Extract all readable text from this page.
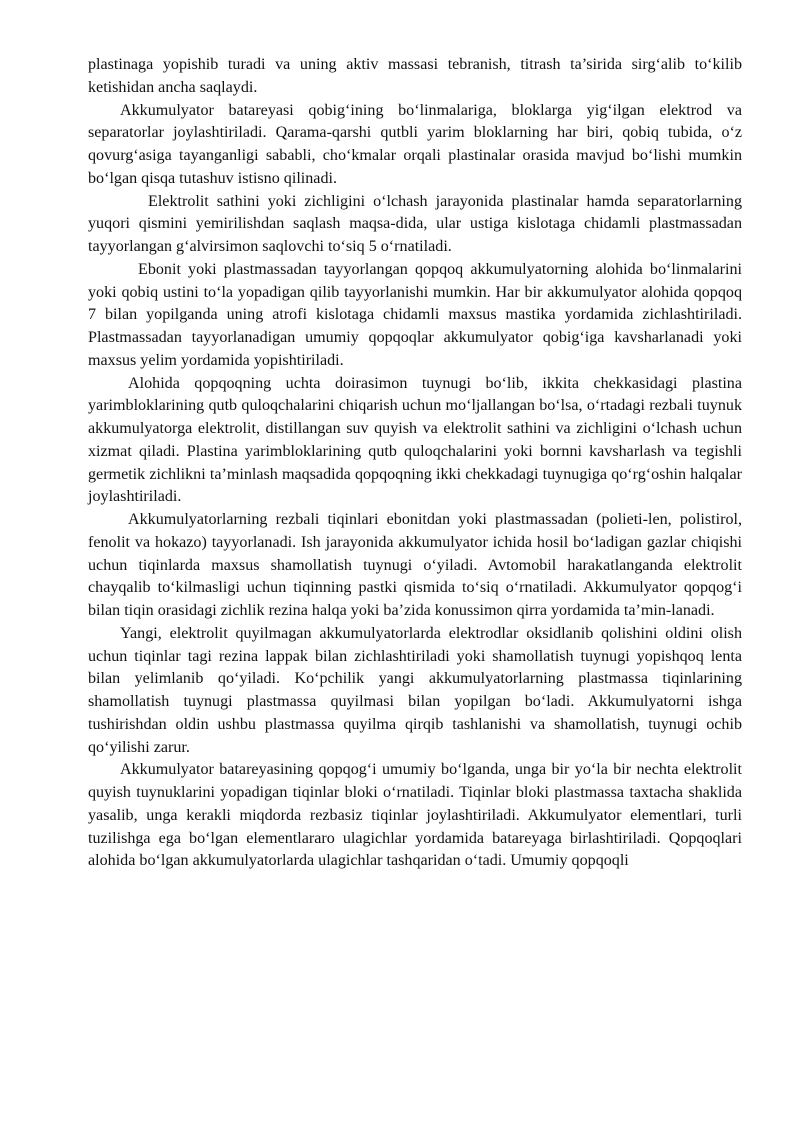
plastinaga yopishib turadi va uning aktiv massasi tebranish, titrash ta’sirida sirg‘alib to‘kilib ketishidan ancha saqlaydi.

Akkumulyator batareyasi qobig‘ining bo‘linmalariga, bloklarga yig‘ilgan elektrod va separatorlar joylashtiriladi. Qarama-qarshi qutbli yarim bloklarning har biri, qobiq tubida, o‘z qovurg‘asiga tayanganligi sababli, cho‘kmalar orqali plastinalar orasida mavjud bo‘lishi mumkin bo‘lgan qisqa tutashuv istisno qilinadi.

Elektrolit sathini yoki zichligini o‘lchash jarayonida plastinalar hamda separatorlarning yuqori qismini yemirilishdan saqlash maqsa-dida, ular ustiga kislotaga chidamli plastmassadan tayyorlangan g‘alvirsimon saqlovchi to‘siq 5 o‘rnatiladi.

Ebonit yoki plastmassadan tayyorlangan qopqoq akkumulyatorning alohida bo‘linmalarini yoki qobiq ustini to‘la yopadigan qilib tayyorlanishi mumkin. Har bir akkumulyator alohida qopqoq 7 bilan yopilganda uning atrofi kislotaga chidamli maxsus mastika yordamida zichlashtiriladi. Plastmassadan tayyorlanadigan umumiy qopqoqlar akkumulyator qobig‘iga kavsharlanadi yoki maxsus yelim yordamida yopishtiriladi.

Alohida qopqoqning uchta doirasimon tuynugi bo‘lib, ikkita chekkasidagi plastina yarimbloklarining qutb quloqchalarini chiqarish uchun mo‘ljallangan bo‘lsa, o‘rtadagi rezbali tuynuk akkumulyatorga elektrolit, distillangan suv quyish va elektrolit sathini va zichligini o‘lchash uchun xizmat qiladi. Plastina yarimbloklarining qutb quloqchalarini yoki bornni kavsharlash va tegishli germetik zichlikni ta’minlash maqsadida qopqoqning ikki chekkadagi tuynugiga qo‘rg‘oshin halqalar joylashtiriladi.

Akkumulyatorlarning rezbali tiqinlari ebonitdan yoki plastmassadan (polieti-len, polistirol, fenolit va hokazo) tayyorlanadi. Ish jarayonida akkumulyator ichida hosil bo‘ladigan gazlar chiqishi uchun tiqinlarda maxsus shamollatish tuynugi o‘yiladi. Avtomobil harakatlanganda elektrolit chayqalib to‘kilmasligi uchun tiqinning pastki qismida to‘siq o‘rnatiladi. Akkumulyator qopqog‘i bilan tiqin orasidagi zichlik rezina halqa yoki ba’zida konussimon qirra yordamida ta’min-lanadi.

Yangi, elektrolit quyilmagan akkumulyatorlarda elektrodlar oksidlanib qolishini oldini olish uchun tiqinlar tagi rezina lappak bilan zichlashtiriladi yoki shamollatish tuynugi yopishqoq lenta bilan yelimlanib qo‘yiladi. Ko‘pchilik yangi akkumulyatorlarning plastmassa tiqinlarining shamollatish tuynugi plastmassa quyilmasi bilan yopilgan bo‘ladi. Akkumulyatorni ishga tushirishdan oldin ushbu plastmassa quyilma qirqib tashlanishi va shamollatish, tuynugi ochib qo‘yilishi zarur.

Akkumulyator batareyasining qopqog‘i umumiy bo‘lganda, unga bir yo‘la bir nechta elektrolit quyish tuynuklarini yopadigan tiqinlar bloki o‘rnatiladi. Tiqinlar bloki plastmassa taxtacha shaklida yasalib, unga kerakli miqdorda rezbasiz tiqinlar joylashtiriladi. Akkumulyator elementlari, turli tuzilishga ega bo‘lgan elementlararo ulagichlar yordamida batareyaga birlashtiriladi. Qopqoqlari alohida bo‘lgan akkumulyatorlarda ulagichlar tashqaridan o‘tadi. Umumiy qopqoqli
